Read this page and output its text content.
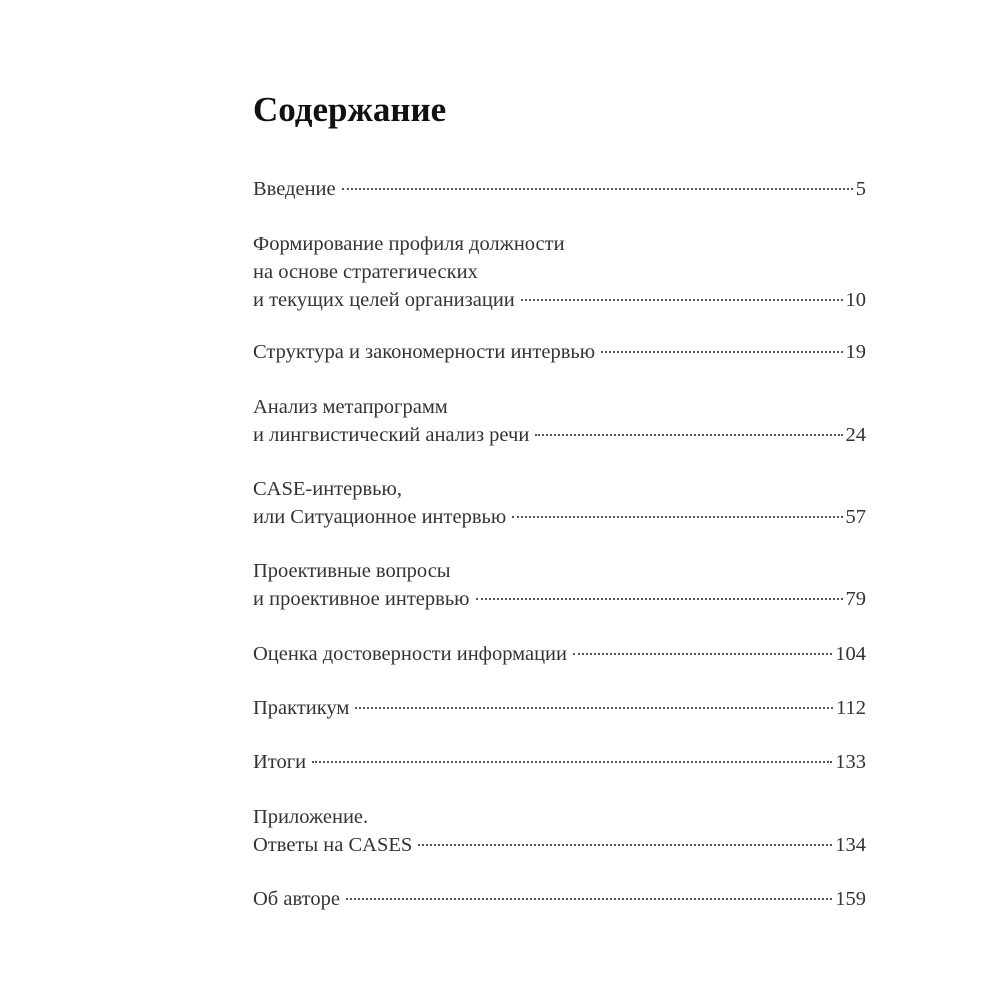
Содержание
Введение	5
Формирование профиля должности
на основе стратегических
и текущих целей организации	10
Структура и закономерности интервью	19
Анализ метапрограмм
и лингвистический анализ речи	24
CASE-интервью,
или Ситуационное интервью	57
Проективные вопросы
и проективное интервью	79
Оценка достоверности информации	104
Практикум	112
Итоги	133
Приложение.
Ответы на CASES	134
Об авторе	159
